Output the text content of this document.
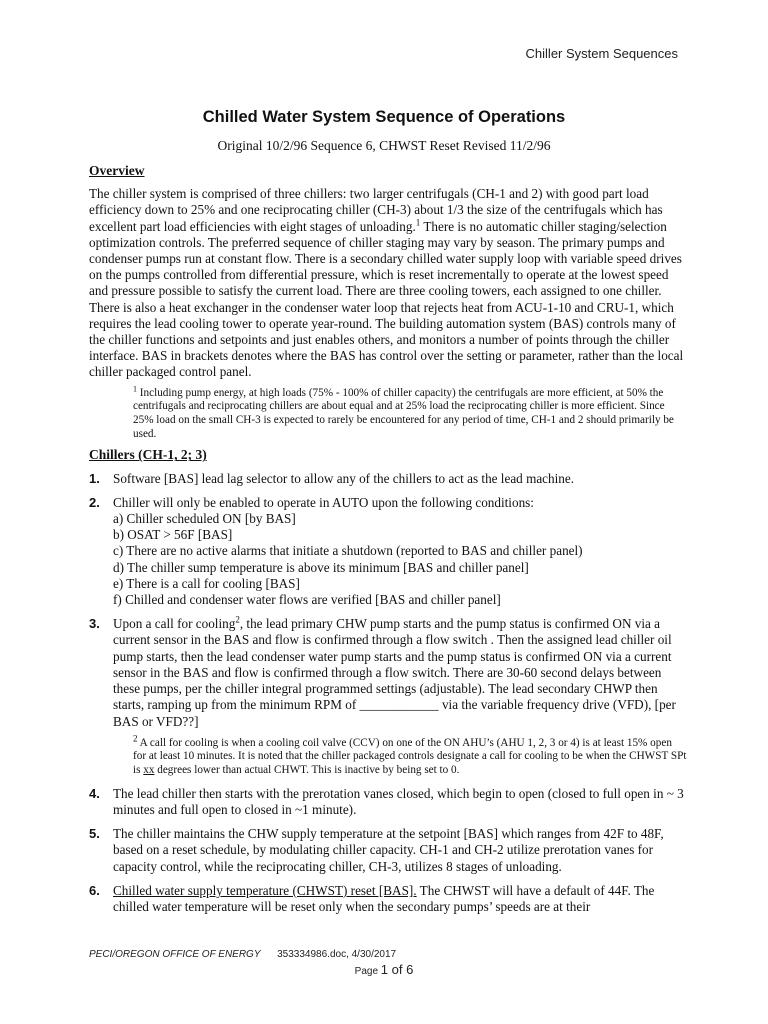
Chiller System Sequences
Chilled Water System Sequence of Operations
Original 10/2/96 Sequence 6, CHWST Reset Revised 11/2/96
Overview

The chiller system is comprised of three chillers: two larger centrifugals (CH-1 and 2) with good part load efficiency down to 25% and one reciprocating chiller (CH-3) about 1/3 the size of the centrifugals which has excellent part load efficiencies with eight stages of unloading.$^1$ There is no automatic chiller staging/selection optimization controls. The preferred sequence of chiller staging may vary by season. The primary pumps and condenser pumps run at constant flow. There is a secondary chilled water supply loop with variable speed drives on the pumps controlled from differential pressure, which is reset incrementally to operate at the lowest speed and pressure possible to satisfy the current load. There are three cooling towers, each assigned to one chiller. There is also a heat exchanger in the condenser water loop that rejects heat from ACU-1-10 and CRU-1, which requires the lead cooling tower to operate year-round. The building automation system (BAS) controls many of the chiller functions and setpoints and just enables others, and monitors a number of points through the chiller interface. BAS in brackets denotes where the BAS has control over the setting or parameter, rather than the local chiller packaged control panel.

$^1$ Including pump energy, at high loads (75% - 100% of chiller capacity) the centrifugals are more efficient, at 50% the centrifugals and reciprocating chillers are about equal and at 25% load the reciprocating chiller is more efficient. Since 25% load on the small CH-3 is expected to rarely be encountered for any period of time, CH-1 and 2 should primarily be used.
Chillers (CH-1, 2; 3)
1. Software [BAS] lead lag selector to allow any of the chillers to act as the lead machine.
2. Chiller will only be enabled to operate in AUTO upon the following conditions:
a) Chiller scheduled ON [by BAS]
b) OSAT > 56F [BAS]
c) There are no active alarms that initiate a shutdown (reported to BAS and chiller panel)
d) The chiller sump temperature is above its minimum [BAS and chiller panel]
e) There is a call for cooling [BAS]
f) Chilled and condenser water flows are verified [BAS and chiller panel]
3. Upon a call for cooling$^2$, the lead primary CHW pump starts and the pump status is confirmed ON via a current sensor in the BAS and flow is confirmed through a flow switch . Then the assigned lead chiller oil pump starts, then the lead condenser water pump starts and the pump status is confirmed ON via a current sensor in the BAS and flow is confirmed through a flow switch. There are 30-60 second delays between these pumps, per the chiller integral programmed settings (adjustable). The lead secondary CHWP then starts, ramping up from the minimum RPM of ____________ via the variable frequency drive (VFD), [per BAS or VFD??]
$^2$ A call for cooling is when a cooling coil valve (CCV) on one of the ON AHU’s (AHU 1, 2, 3 or 4) is at least 15% open for at least 10 minutes. It is noted that the chiller packaged controls designate a call for cooling to be when the CHWST SPt is xx degrees lower than actual CHWT. This is inactive by being set to 0.
4. The lead chiller then starts with the prerotation vanes closed, which begin to open (closed to full open in ~ 3 minutes and full open to closed in ~1 minute).
5. The chiller maintains the CHW supply temperature at the setpoint [BAS] which ranges from 42F to 48F, based on a reset schedule, by modulating chiller capacity. CH-1 and CH-2 utilize prerotation vanes for capacity control, while the reciprocating chiller, CH-3, utilizes 8 stages of unloading.
6. Chilled water supply temperature (CHWST) reset [BAS]. The CHWST will have a default of 44F. The chilled water temperature will be reset only when the secondary pumps’ speeds are at their
PECI/OREGON OFFICE OF ENERGY 353334986.doc, 4/30/2017
Page 1 of 6
